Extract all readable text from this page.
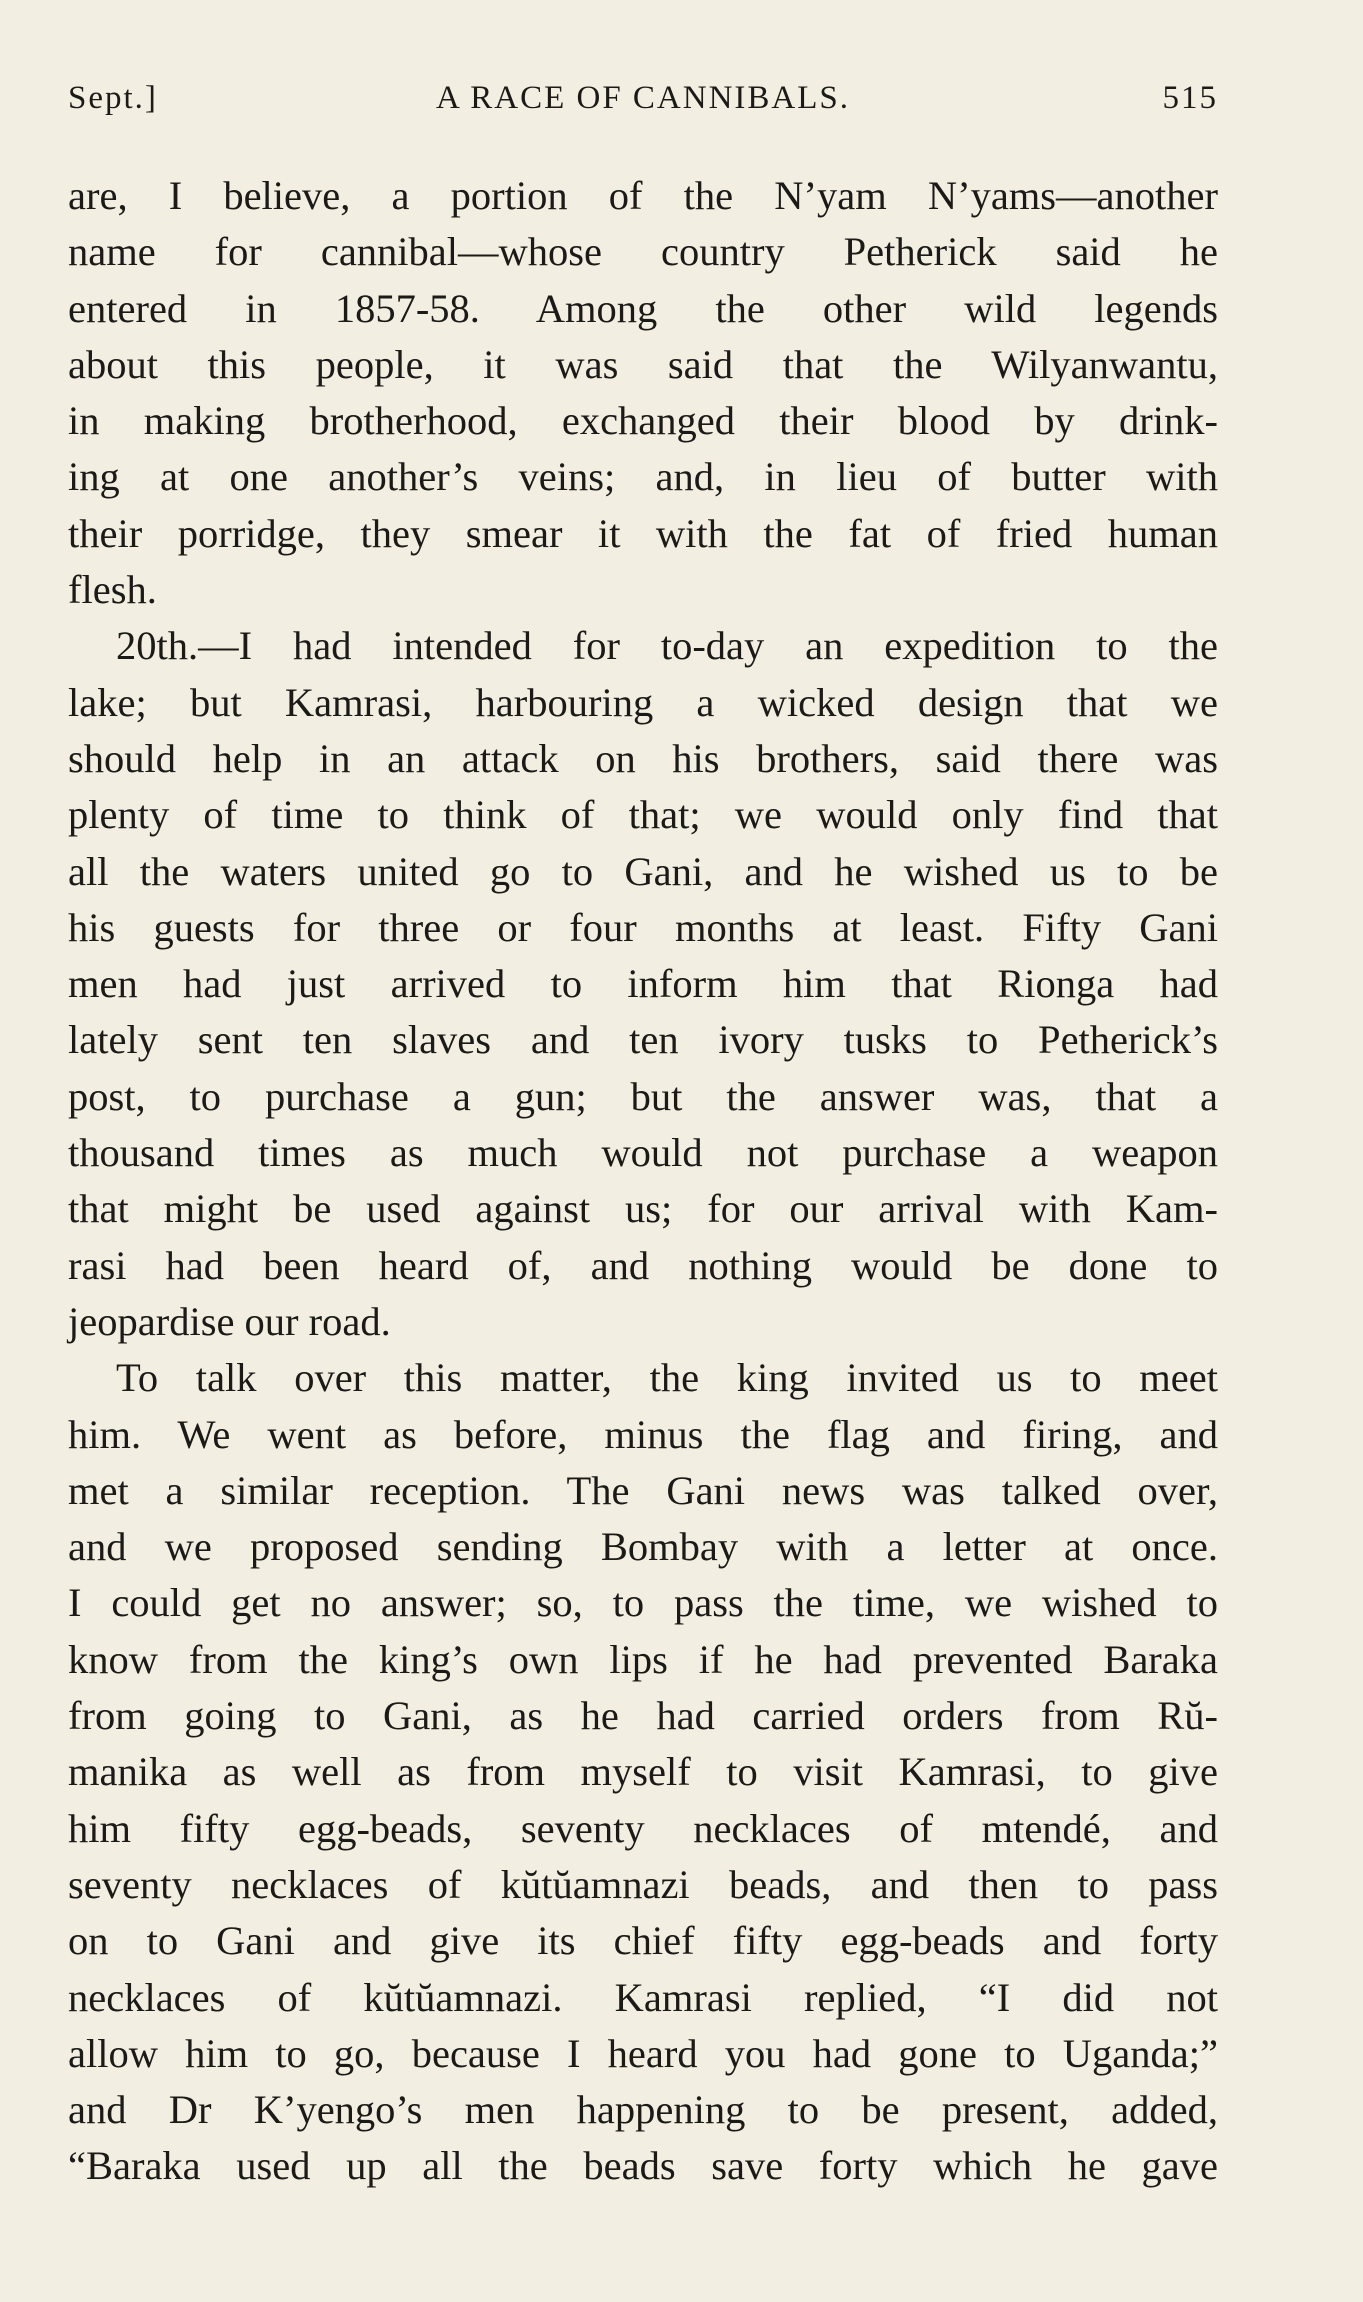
Sept.]	A RACE OF CANNIBALS.	515
are, I believe, a portion of the N’yam N’yams—another
name for cannibal—whose country Petherick said he
entered in 1857-58. Among the other wild legends
about this people, it was said that the Wilyanwantu,
in making brotherhood, exchanged their blood by drink-
ing at one another’s veins; and, in lieu of butter with
their porridge, they smear it with the fat of fried human
flesh.
20th.—I had intended for to-day an expedition to the
lake; but Kamrasi, harbouring a wicked design that we
should help in an attack on his brothers, said there was
plenty of time to think of that; we would only find that
all the waters united go to Gani, and he wished us to be
his guests for three or four months at least. Fifty Gani
men had just arrived to inform him that Rionga had
lately sent ten slaves and ten ivory tusks to Petherick’s
post, to purchase a gun; but the answer was, that a
thousand times as much would not purchase a weapon
that might be used against us; for our arrival with Kam-
rasi had been heard of, and nothing would be done to
jeopardise our road.
To talk over this matter, the king invited us to meet
him. We went as before, minus the flag and firing, and
met a similar reception. The Gani news was talked over,
and we proposed sending Bombay with a letter at once.
I could get no answer; so, to pass the time, we wished to
know from the king’s own lips if he had prevented Baraka
from going to Gani, as he had carried orders from Rŭ-
manika as well as from myself to visit Kamrasi, to give
him fifty egg-beads, seventy necklaces of mtendé, and
seventy necklaces of kŭtŭamnazi beads, and then to pass
on to Gani and give its chief fifty egg-beads and forty
necklaces of kŭtŭamnazi. Kamrasi replied, “I did not
allow him to go, because I heard you had gone to Uganda;”
and Dr K’yengo’s men happening to be present, added,
“Baraka used up all the beads save forty which he gave
